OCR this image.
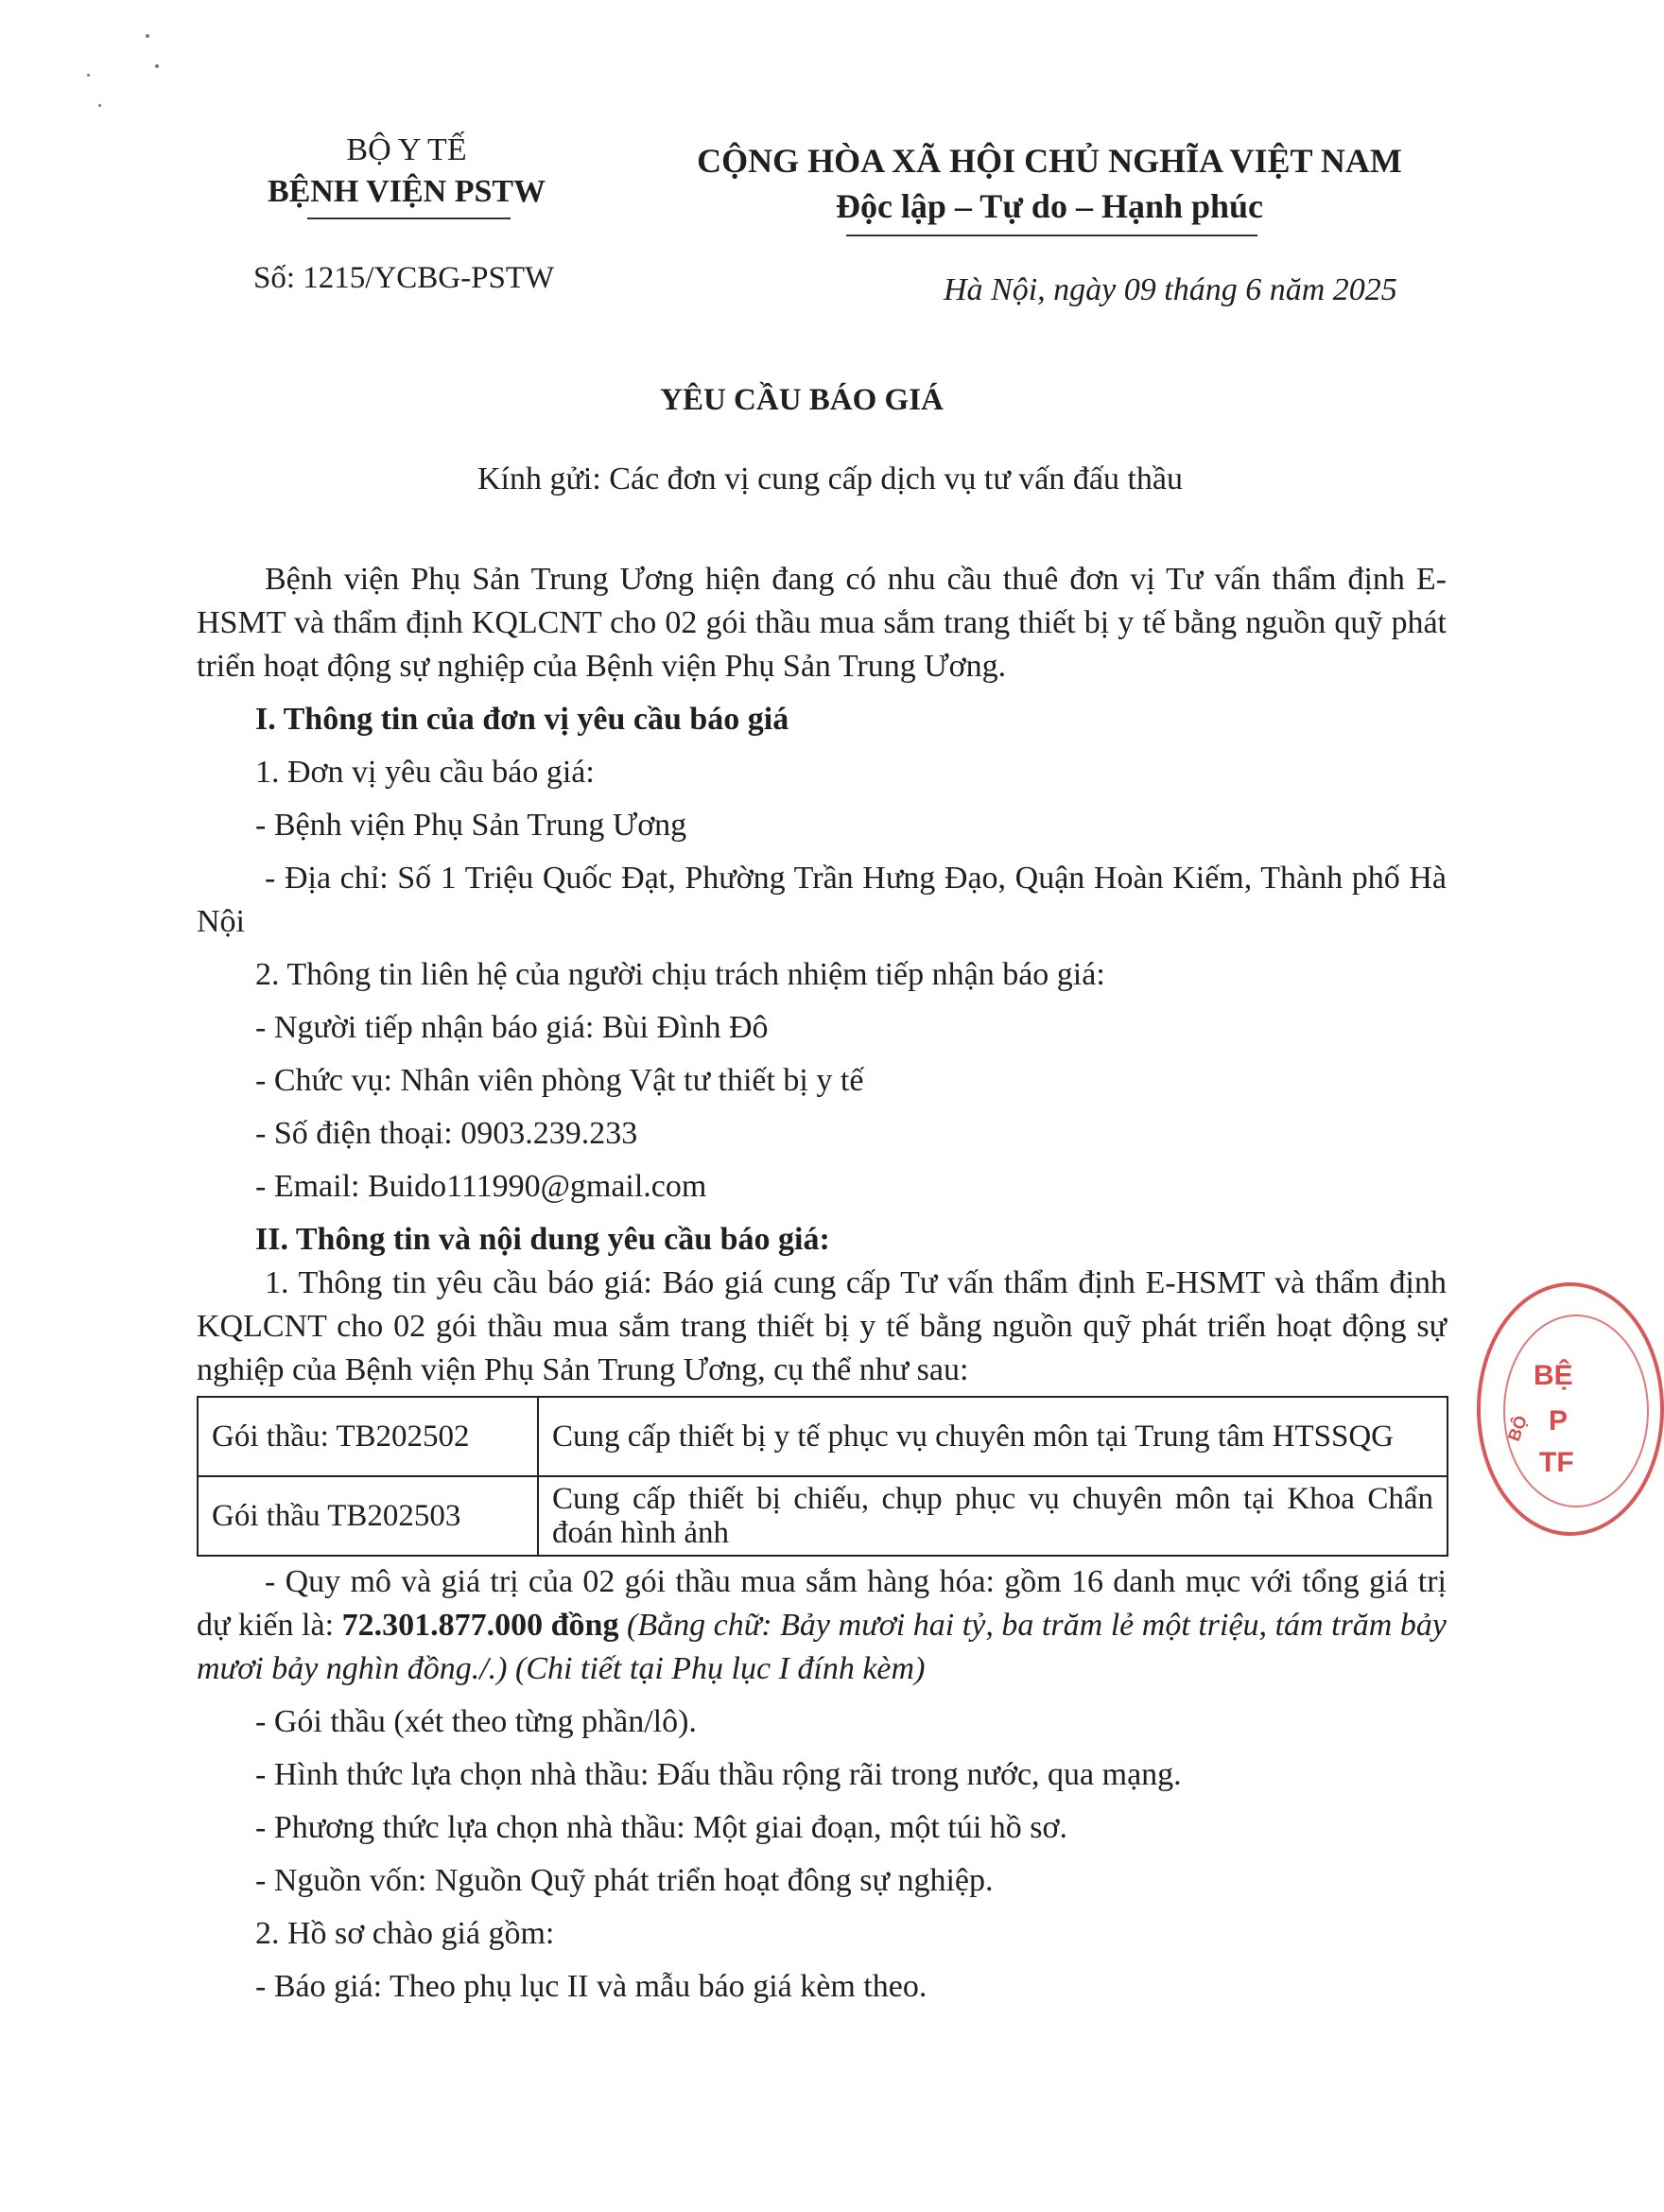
BỘ Y TẾ
BỆNH VIỆN PSTW
CỘNG HÒA XÃ HỘI CHỦ NGHĨA VIỆT NAM
Độc lập – Tự do – Hạnh phúc
Số: 1215/YCBG-PSTW	Hà Nội, ngày 09 tháng 6 năm 2025
YÊU CẦU BÁO GIÁ
Kính gửi: Các đơn vị cung cấp dịch vụ tư vấn đấu thầu

Bệnh viện Phụ Sản Trung Ương hiện đang có nhu cầu thuê đơn vị Tư vấn thẩm định E-HSMT và thẩm định KQLCNT cho 02 gói thầu mua sắm trang thiết bị y tế bằng nguồn quỹ phát triển hoạt động sự nghiệp của Bệnh viện Phụ Sản Trung Ương.

I. Thông tin của đơn vị yêu cầu báo giá

1. Đơn vị yêu cầu báo giá:

- Bệnh viện Phụ Sản Trung Ương

- Địa chỉ: Số 1 Triệu Quốc Đạt, Phường Trần Hưng Đạo, Quận Hoàn Kiếm, Thành phố Hà Nội

2. Thông tin liên hệ của người chịu trách nhiệm tiếp nhận báo giá:

- Người tiếp nhận báo giá: Bùi Đình Đô

- Chức vụ: Nhân viên phòng Vật tư thiết bị y tế

- Số điện thoại: 0903.239.233

- Email: Buido111990@gmail.com

II. Thông tin và nội dung yêu cầu báo giá:

1. Thông tin yêu cầu báo giá: Báo giá cung cấp Tư vấn thẩm định E-HSMT và thẩm định KQLCNT cho 02 gói thầu mua sắm trang thiết bị y tế bằng nguồn quỹ phát triển hoạt động sự nghiệp của Bệnh viện Phụ Sản Trung Ương, cụ thể như sau:

Gói thầu: TB202502	Cung cấp thiết bị y tế phục vụ chuyên môn tại Trung tâm HTSSQG
Gói thầu TB202503	Cung cấp thiết bị chiếu, chụp phục vụ chuyên môn tại Khoa Chẩn đoán hình ảnh

- Quy mô và giá trị của 02 gói thầu mua sắm hàng hóa: gồm 16 danh mục với tổng giá trị dự kiến là: 72.301.877.000 đồng (Bằng chữ: Bảy mươi hai tỷ, ba trăm lẻ một triệu, tám trăm bảy mươi bảy nghìn đồng./.) (Chi tiết tại Phụ lục I đính kèm)

- Gói thầu (xét theo từng phần/lô).

- Hình thức lựa chọn nhà thầu: Đấu thầu rộng rãi trong nước, qua mạng.

- Phương thức lựa chọn nhà thầu: Một giai đoạn, một túi hồ sơ.

- Nguồn vốn: Nguồn Quỹ phát triển hoạt đông sự nghiệp.

2. Hồ sơ chào giá gồm:

- Báo giá: Theo phụ lục II và mẫu báo giá kèm theo.

BỆ
P
TF
BỘ
